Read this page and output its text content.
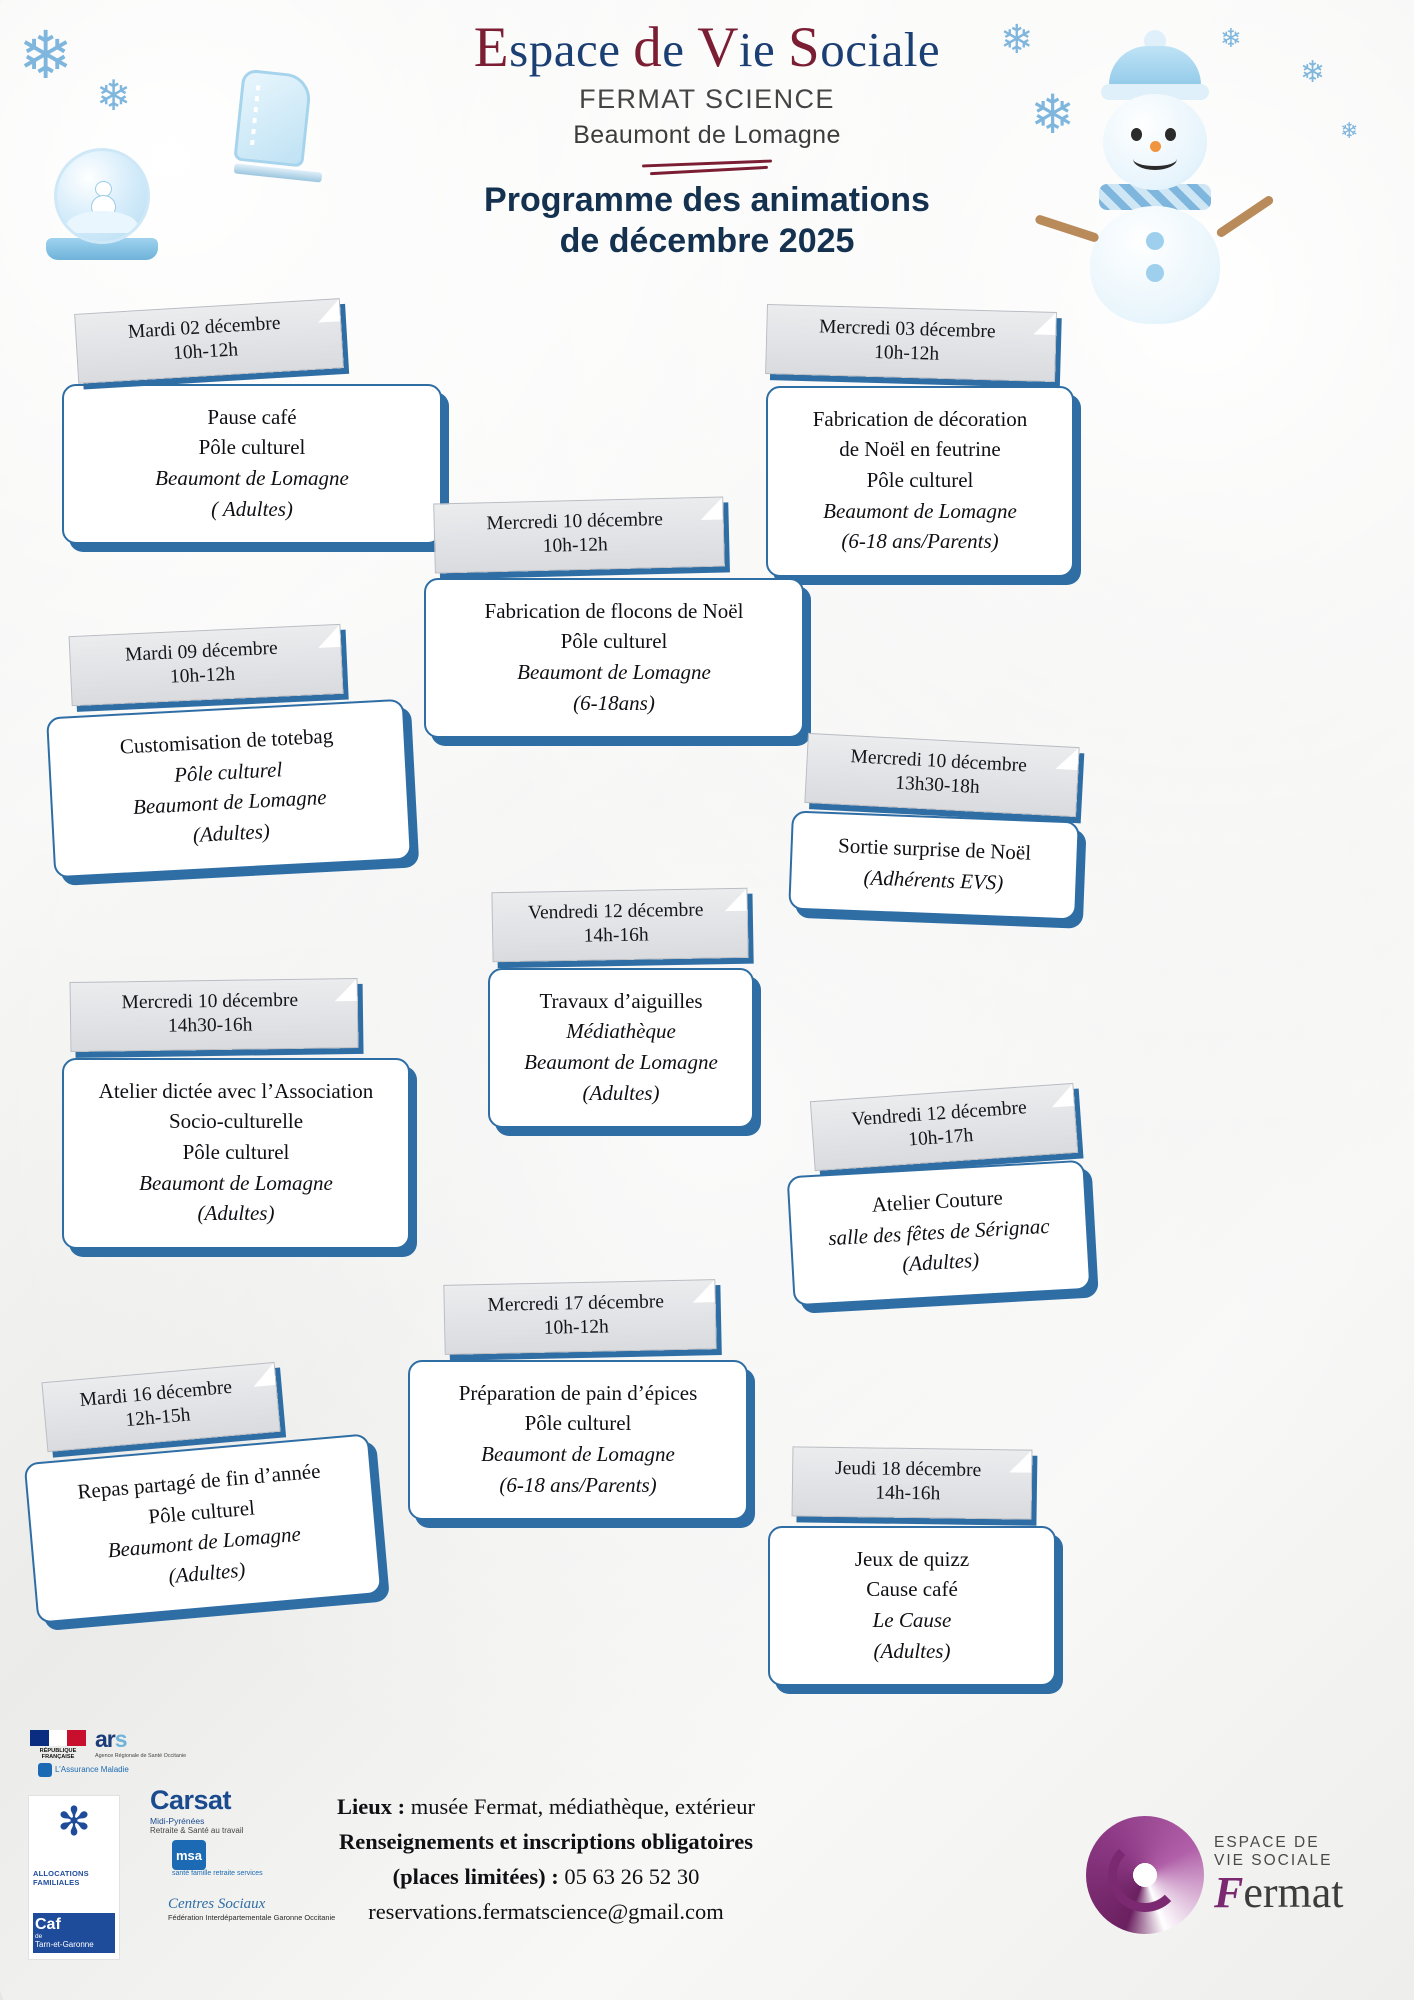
❄
❄
❄
❄
❄
❄
❄
Espace de Vie Sociale
FERMAT SCIENCE
Beaumont de Lomagne
Programme des animations
de décembre 2025
Mardi 02 décembre
10h-12h
Pause café
Pôle culturel
Beaumont de Lomagne
( Adultes)
Mercredi 03 décembre
10h-12h
Fabrication de décoration
de Noël en feutrine
Pôle culturel
Beaumont de Lomagne
(6-18 ans/Parents)
Mercredi 10 décembre
10h-12h
Fabrication de flocons de Noël
Pôle culturel
Beaumont de Lomagne
(6-18ans)
Mardi 09 décembre
10h-12h
Customisation de totebag
Pôle culturel
Beaumont de Lomagne
(Adultes)
Mercredi 10 décembre
13h30-18h
Sortie surprise de Noël
(Adhérents EVS)
Vendredi 12 décembre
14h-16h
Travaux d’aiguilles
Médiathèque
Beaumont de Lomagne
(Adultes)
Mercredi 10 décembre
14h30-16h
Atelier dictée avec l’Association
Socio-culturelle
Pôle culturel
Beaumont de Lomagne
(Adultes)
Vendredi 12 décembre
10h-17h
Atelier Couture
salle des fêtes de Sérignac
(Adultes)
Mercredi 17 décembre
10h-12h
Préparation de pain d’épices
Pôle culturel
Beaumont de Lomagne
(6-18 ans/Parents)
Mardi 16 décembre
12h-15h
Repas partagé de fin d’année
Pôle culturel
Beaumont de Lomagne
(Adultes)
Jeudi 18 décembre
14h-16h
Jeux de quizz
Cause café
Le Cause
(Adultes)
Lieux : musée Fermat, médiathèque, extérieur
Renseignements et inscriptions obligatoires
(places limitées) : 05 63 26 52 30
reservations.fermatscience@gmail.com
RÉPUBLIQUE FRANÇAISE
ars
Agence Régionale de Santé Occitanie
L’Assurance Maladie
Carsat
Midi-Pyrénées
Retraite & Santé au travail
msa
santé famille retraite services
Centres Sociaux
Fédération Interdépartementale Garonne Occitanie
✻
ALLOCATIONS FAMILIALES
Caf
de
Tarn-et-Garonne
ESPACE DE
VIE SOCIALE
Fermat
